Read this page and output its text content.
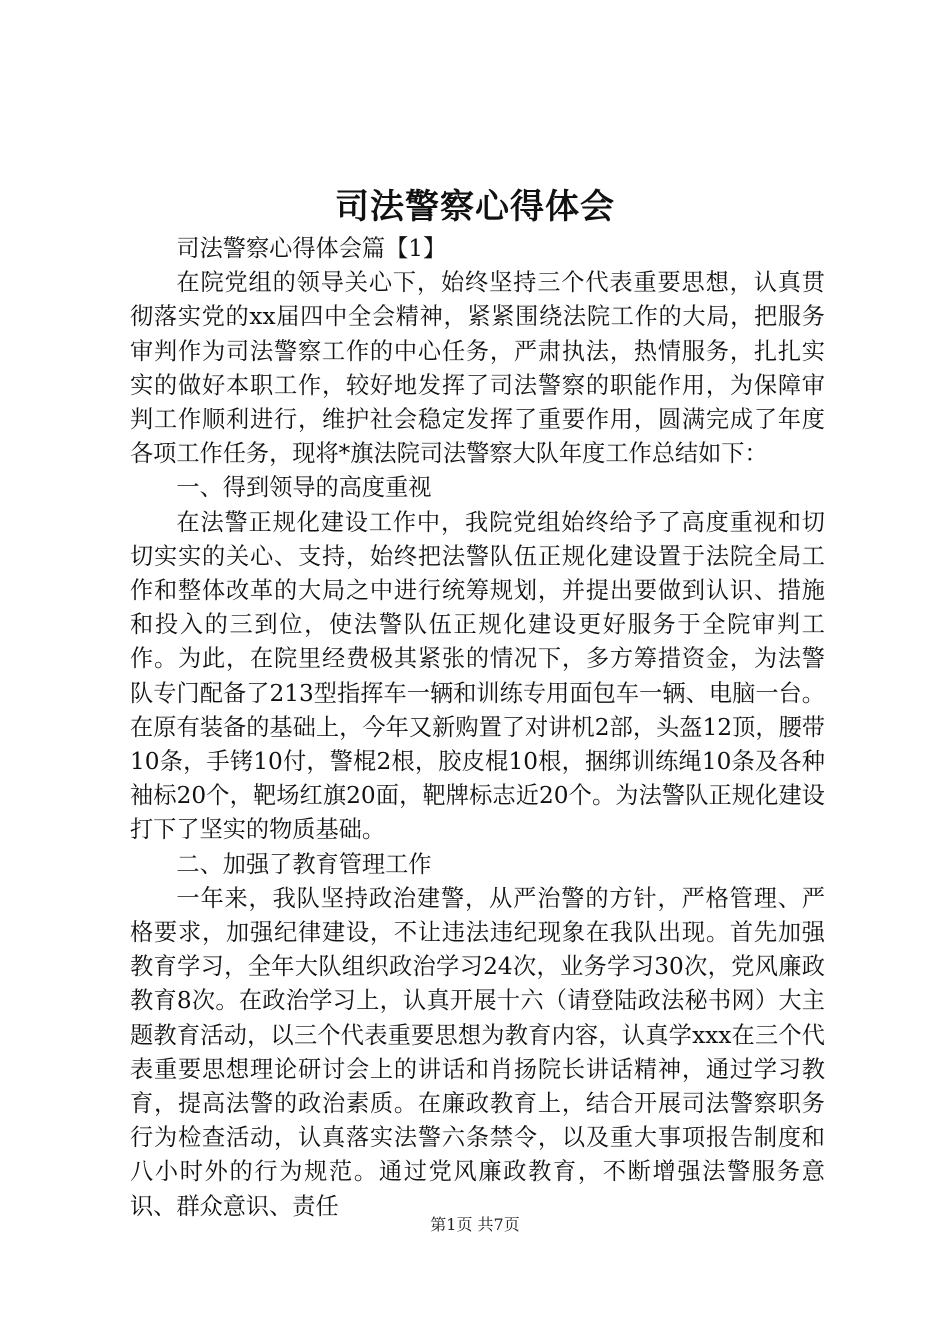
司法警察心得体会

司法警察心得体会篇【1】

在院党组的领导关心下，始终坚持三个代表重要思想，认真贯彻落实党的xx届四中全会精神，紧紧围绕法院工作的大局，把服务审判作为司法警察工作的中心任务，严肃执法，热情服务，扎扎实实的做好本职工作，较好地发挥了司法警察的职能作用，为保障审判工作顺利进行，维护社会稳定发挥了重要作用，圆满完成了年度各项工作任务，现将*旗法院司法警察大队年度工作总结如下：

一、得到领导的高度重视

在法警正规化建设工作中，我院党组始终给予了高度重视和切切实实的关心、支持，始终把法警队伍正规化建设置于法院全局工作和整体改革的大局之中进行统筹规划，并提出要做到认识、措施和投入的三到位，使法警队伍正规化建设更好服务于全院审判工作。为此，在院里经费极其紧张的情况下，多方筹措资金，为法警队专门配备了213型指挥车一辆和训练专用面包车一辆、电脑一台。在原有装备的基础上，今年又新购置了对讲机2部，头盔12顶，腰带10条，手铐10付，警棍2根，胶皮棍10根，捆绑训练绳10条及各种袖标20个，靶场红旗20面，靶牌标志近20个。为法警队正规化建设打下了坚实的物质基础。

二、加强了教育管理工作

一年来，我队坚持政治建警，从严治警的方针，严格管理、严格要求，加强纪律建设，不让违法违纪现象在我队出现。首先加强教育学习，全年大队组织政治学习24次，业务学习30次，党风廉政教育8次。在政治学习上，认真开展十六（请登陆政法秘书网）大主题教育活动，以三个代表重要思想为教育内容，认真学xxx在三个代表重要思想理论研讨会上的讲话和肖扬院长讲话精神，通过学习教育，提高法警的政治素质。在廉政教育上，结合开展司法警察职务行为检查活动，认真落实法警六条禁令，以及重大事项报告制度和八小时外的行为规范。通过党风廉政教育，不断增强法警服务意识、群众意识、责任

第1页 共7页
